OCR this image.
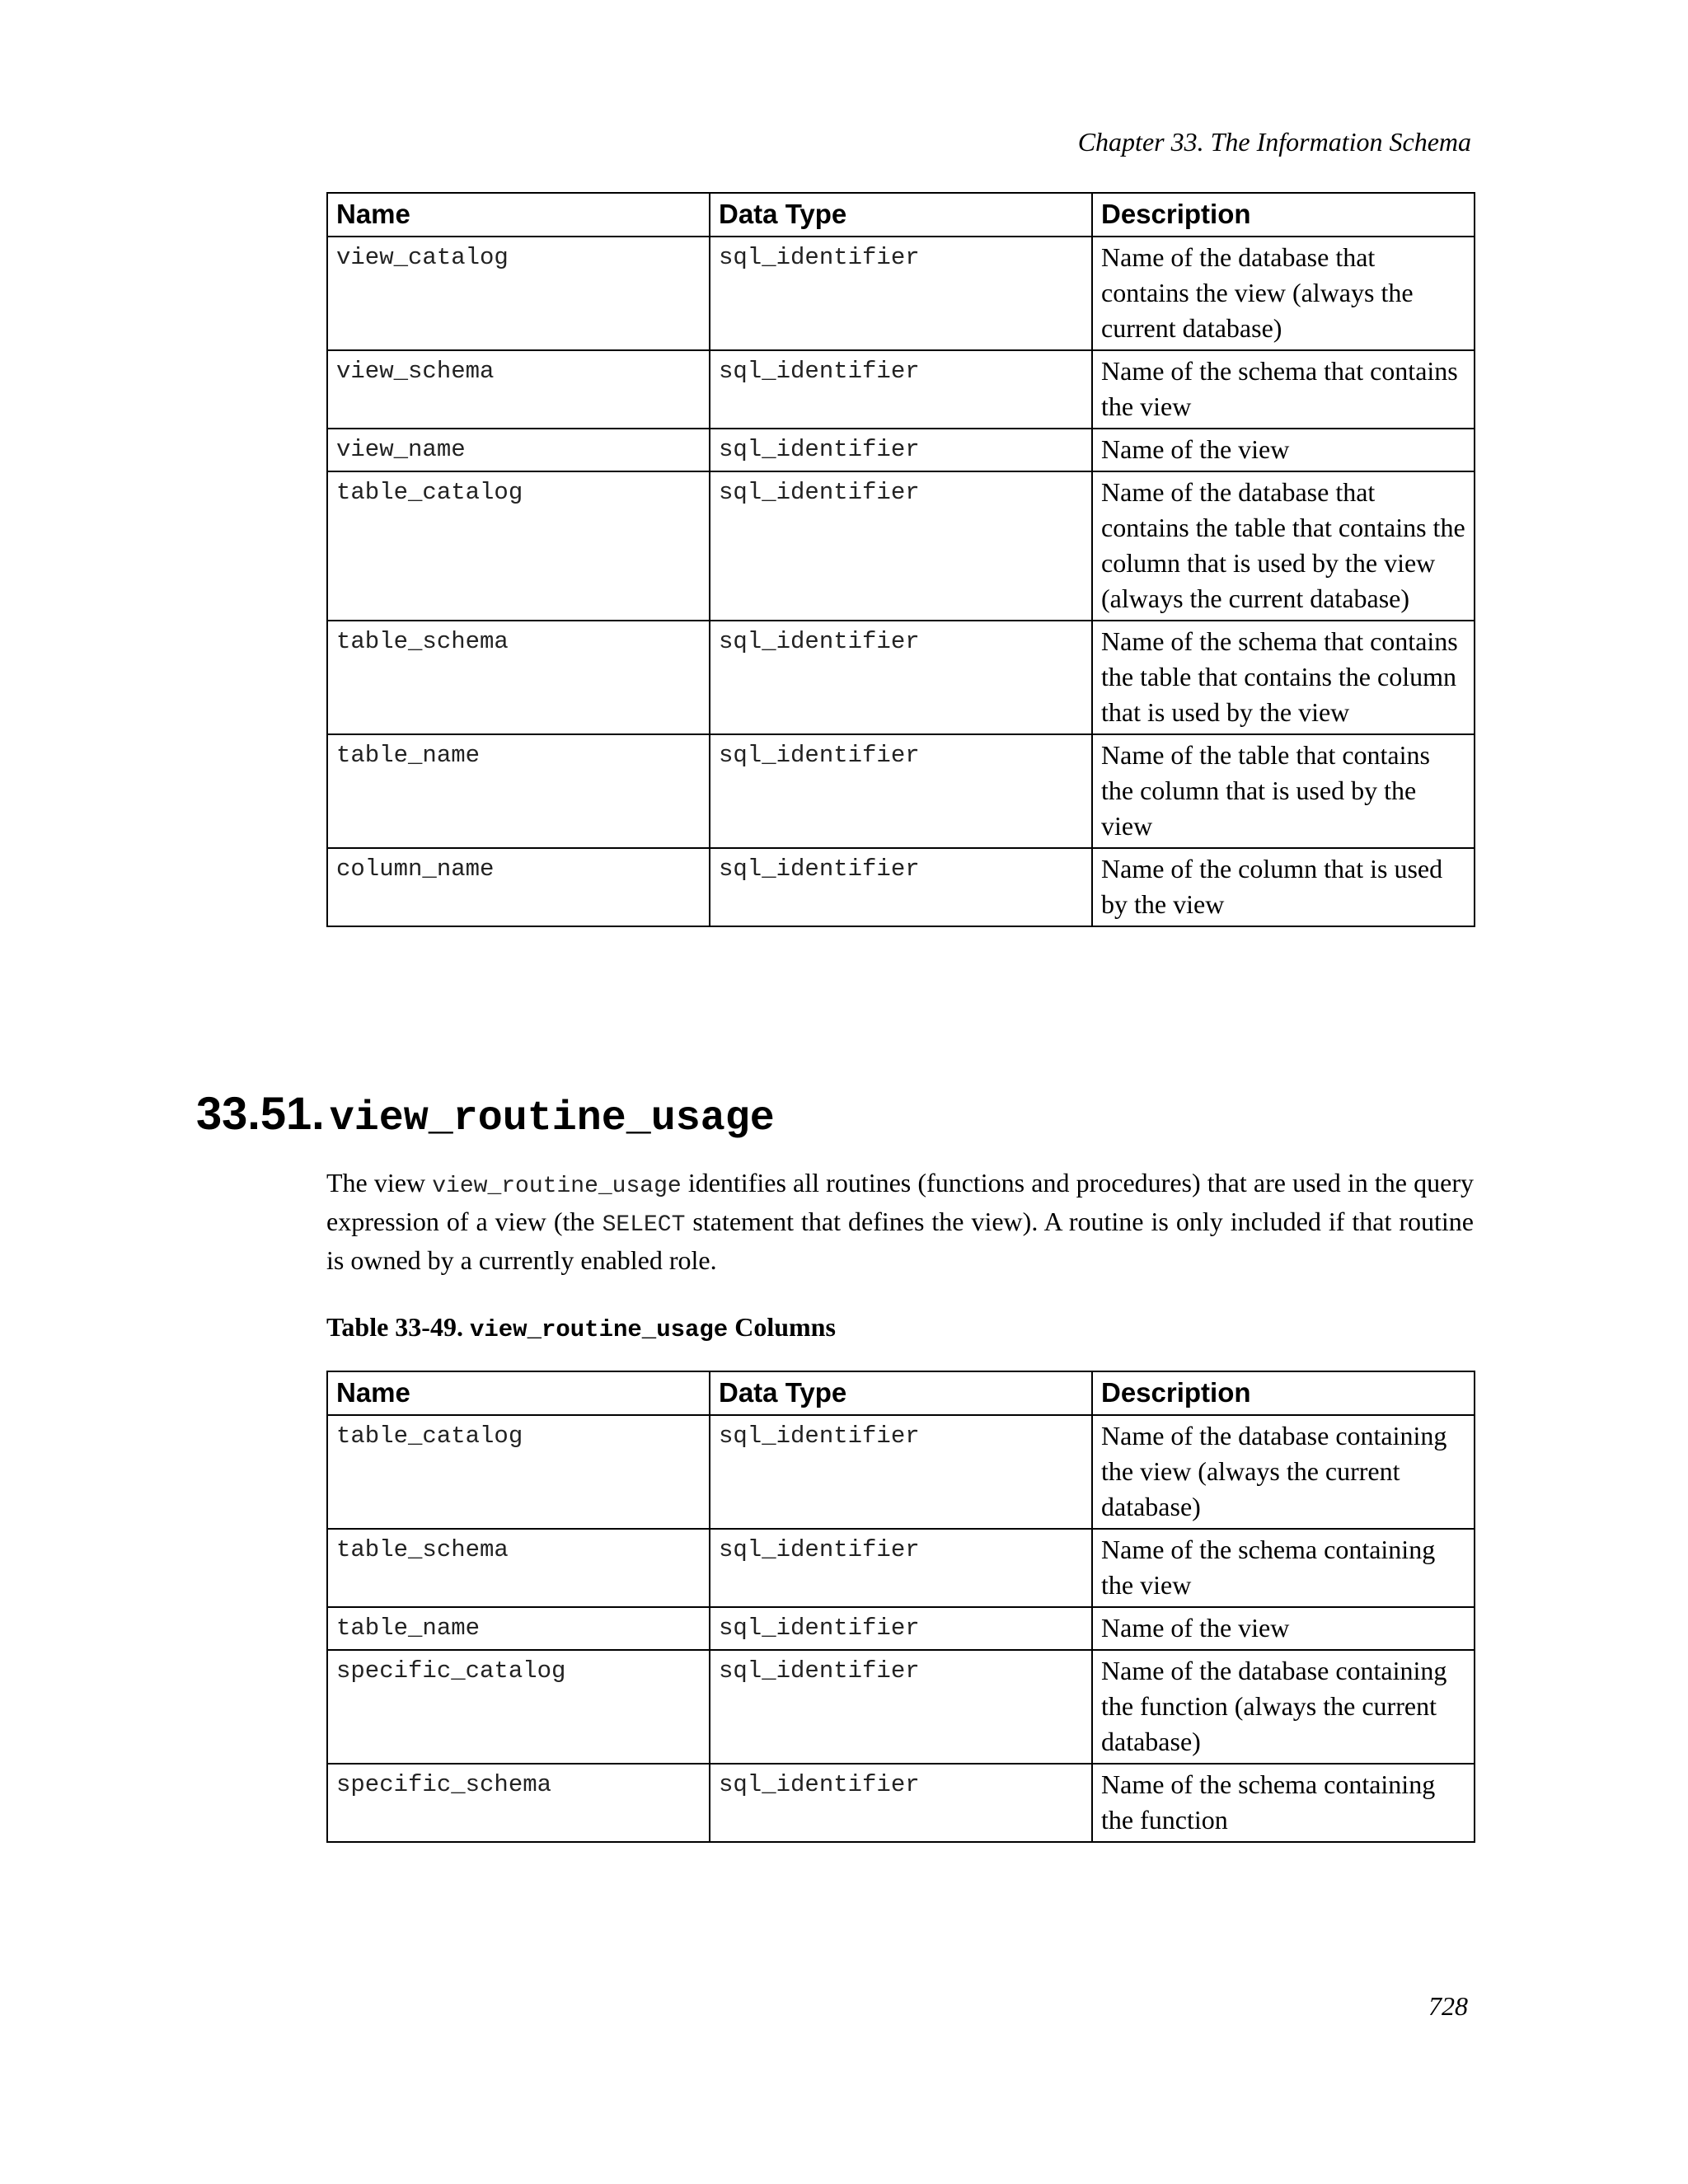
Chapter 33. The Information Schema
Name	Data Type	Description
view_catalog	sql_identifier	Name of the database that contains the view (always the current database)
view_schema	sql_identifier	Name of the schema that contains the view
view_name	sql_identifier	Name of the view
table_catalog	sql_identifier	Name of the database that contains the table that contains the column that is used by the view (always the current database)
table_schema	sql_identifier	Name of the schema that contains the table that contains the column that is used by the view
table_name	sql_identifier	Name of the table that contains the column that is used by the view
column_name	sql_identifier	Name of the column that is used by the view
33.51. view_routine_usage

The view view_routine_usage identifies all routines (functions and procedures) that are used in the query expression of a view (the SELECT statement that defines the view). A routine is only included if that routine is owned by a currently enabled role.

Table 33-49. view_routine_usage Columns

Name	Data Type	Description
table_catalog	sql_identifier	Name of the database containing the view (always the current database)
table_schema	sql_identifier	Name of the schema containing the view
table_name	sql_identifier	Name of the view
specific_catalog	sql_identifier	Name of the database containing the function (always the current database)
specific_schema	sql_identifier	Name of the schema containing the function
728
